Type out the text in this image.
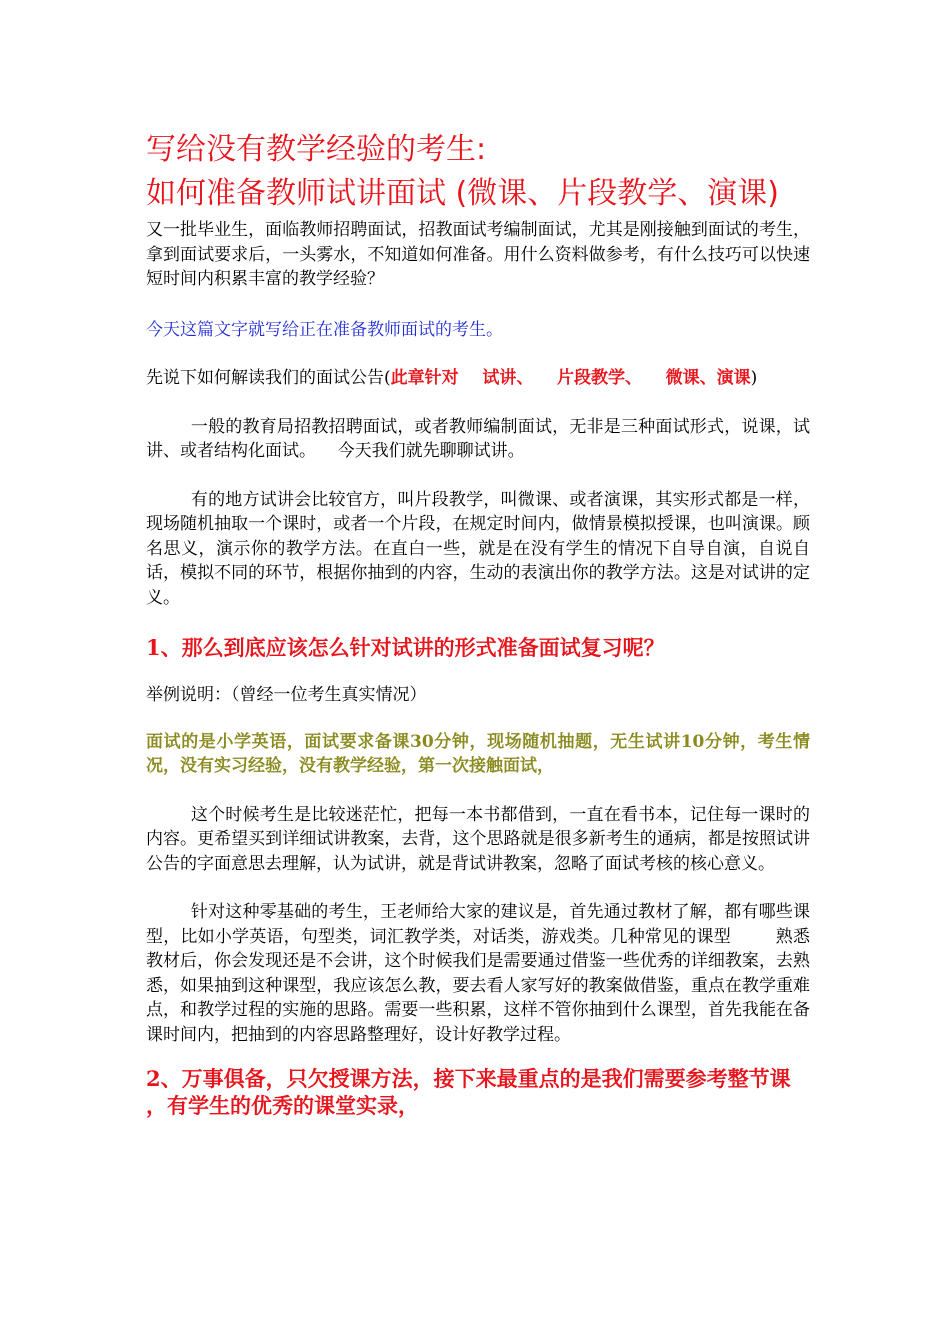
写给没有教学经验的考生:
如何准备教师试讲面试 (微课、片段教学、演课)

又一批毕业生，面临教师招聘面试，招教面试考编制面试，尤其是刚接触到面试的考生，拿到面试要求后，一头雾水，不知道如何准备。用什么资料做参考，有什么技巧可以快速短时间内积累丰富的教学经验？

今天这篇文字就写给正在准备教师面试的考生。

先说下如何解读我们的面试公告(此章针对    试讲、    片段教学、    微课、演课)

一般的教育局招教招聘面试，或者教师编制面试，无非是三种面试形式，说课，试讲、或者结构化面试。    今天我们就先聊聊试讲。

有的地方试讲会比较官方，叫片段教学，叫微课、或者演课，其实形式都是一样，现场随机抽取一个课时，或者一个片段，在规定时间内，做情景模拟授课，也叫演课。顾名思义，演示你的教学方法。在直白一些，就是在没有学生的情况下自导自演，自说自话，模拟不同的环节，根据你抽到的内容，生动的表演出你的教学方法。这是对试讲的定义。

1、那么到底应该怎么针对试讲的形式准备面试复习呢？

举例说明：（曾经一位考生真实情况）

面试的是小学英语，面试要求备课30分钟，现场随机抽题，无生试讲10分钟，考生情况，没有实习经验，没有教学经验，第一次接触面试，

这个时候考生是比较迷茫忙，把每一本书都借到，一直在看书本，记住每一课时的内容。更希望买到详细试讲教案，去背，这个思路就是很多新考生的通病，都是按照试讲公告的字面意思去理解，认为试讲，就是背试讲教案，忽略了面试考核的核心意义。

针对这种零基础的考生，王老师给大家的建议是，首先通过教材了解，都有哪些课型，比如小学英语，句型类，词汇教学类，对话类，游戏类。几种常见的课型        熟悉教材后，你会发现还是不会讲，这个时候我们是需要通过借鉴一些优秀的详细教案，去熟悉，如果抽到这种课型，我应该怎么教，要去看人家写好的教案做借鉴，重点在教学重难点，和教学过程的实施的思路。需要一些积累，这样不管你抽到什么课型，首先我能在备课时间内，把抽到的内容思路整理好，设计好教学过程。

2、万事俱备，只欠授课方法，接下来最重点的是我们需要参考整节课    ，有学生的优秀的课堂实录，
